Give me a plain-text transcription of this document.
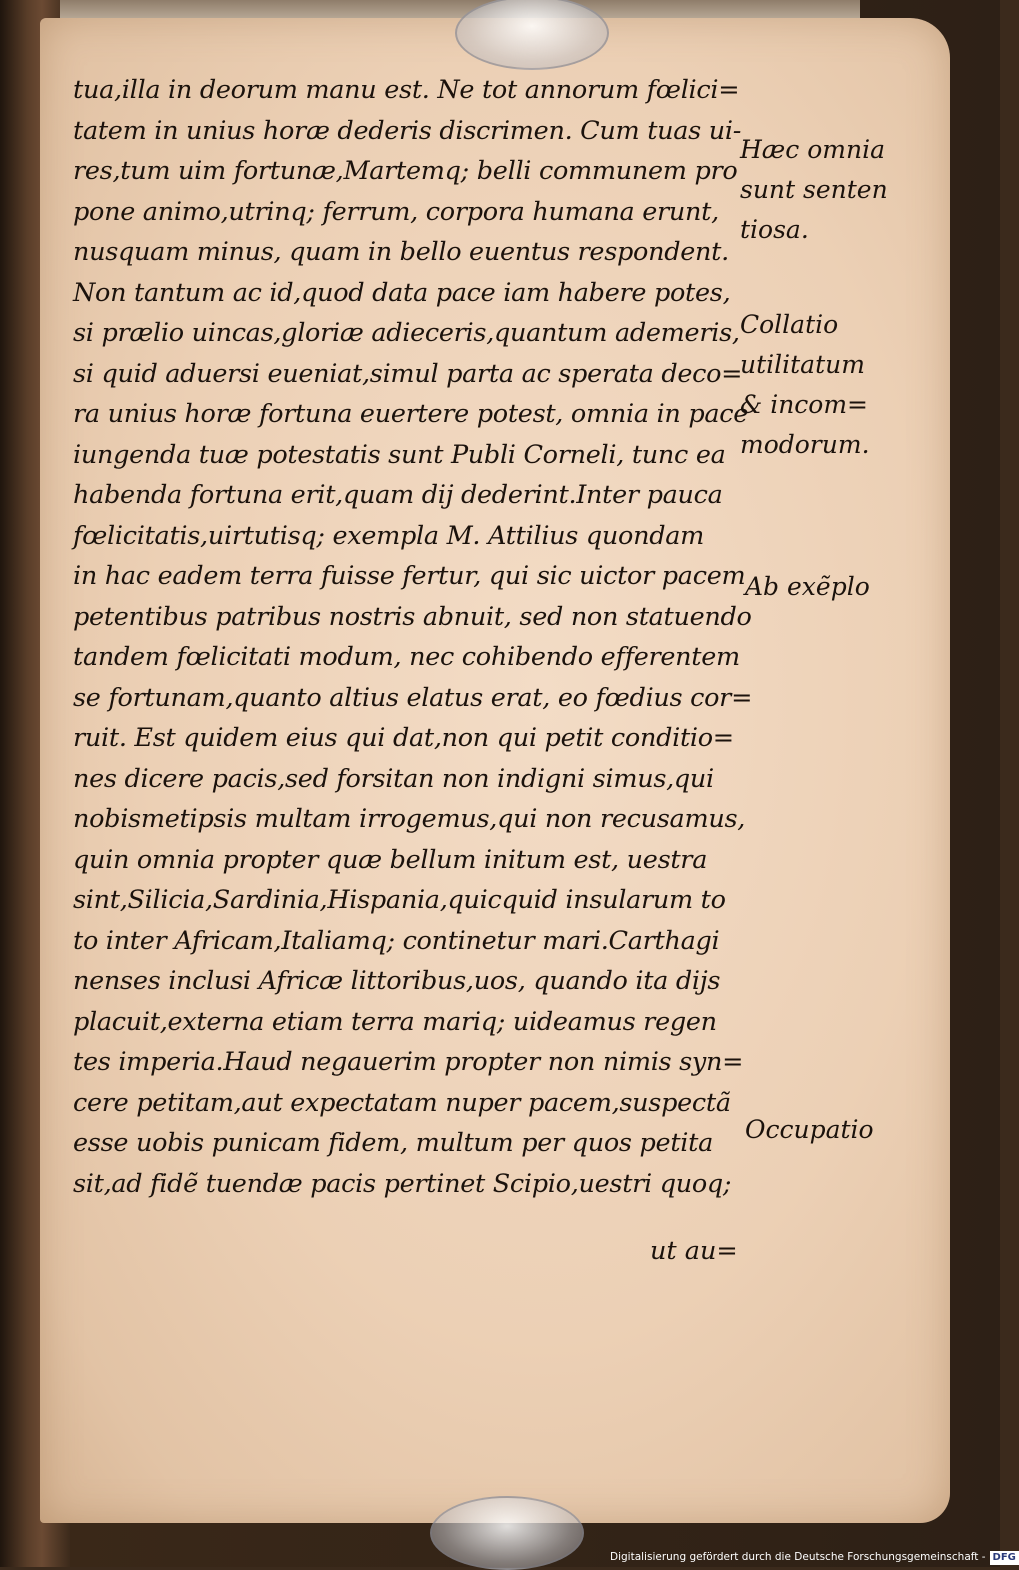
tua,illa in deorum manu est. Ne tot annorum fœlici=
tatem in unius horæ dederis discrimen. Cum tuas ui-
res,tum uim fortunæ,Martemq; belli communem pro
pone animo,utrinq; ferrum, corpora humana erunt,
nusquam minus, quam in bello euentus respondent.
Non tantum ac id,quod data pace iam habere potes,
si prælio uincas,gloriæ adieceris,quantum ademeris,
si quid aduersi eueniat,simul parta ac sperata deco=
ra unius horæ fortuna euertere potest, omnia in pace
iungenda tuæ potestatis sunt Publi Corneli, tunc ea
habenda fortuna erit,quam dij dederint.Inter pauca
fœlicitatis,uirtutisq; exempla M. Attilius quondam
in hac eadem terra fuisse fertur, qui sic uictor pacem
petentibus patribus nostris abnuit, sed non statuendo
tandem fœlicitati modum, nec cohibendo efferentem
se fortunam,quanto altius elatus erat, eo fœdius cor=
ruit. Est quidem eius qui dat,non qui petit conditio=
nes dicere pacis,sed forsitan non indigni simus,qui
nobismetipsis multam irrogemus,qui non recusamus,
quin omnia propter quæ bellum initum est, uestra
sint,Silicia,Sardinia,Hispania,quicquid insularum to
to inter Africam,Italiamq; continetur mari.Carthagi
nenses inclusi Africæ littoribus,uos, quando ita dijs
placuit,externa etiam terra mariq; uideamus regen
tes imperia.Haud negauerim propter non nimis syn=
cere petitam,aut expectatam nuper pacem,suspectã
esse uobis punicam fidem, multum per quos petita
sit,ad fidẽ tuendæ pacis pertinet Scipio,uestri quoq;
ut au=
Hæc omnia
sunt senten
tiosa.
Collatio
utilitatum
& incom=
modorum.
Ab exẽplo
Occupatio
Digitalisierung gefördert durch die Deutsche Forschungsgemeinschaft - DFG
